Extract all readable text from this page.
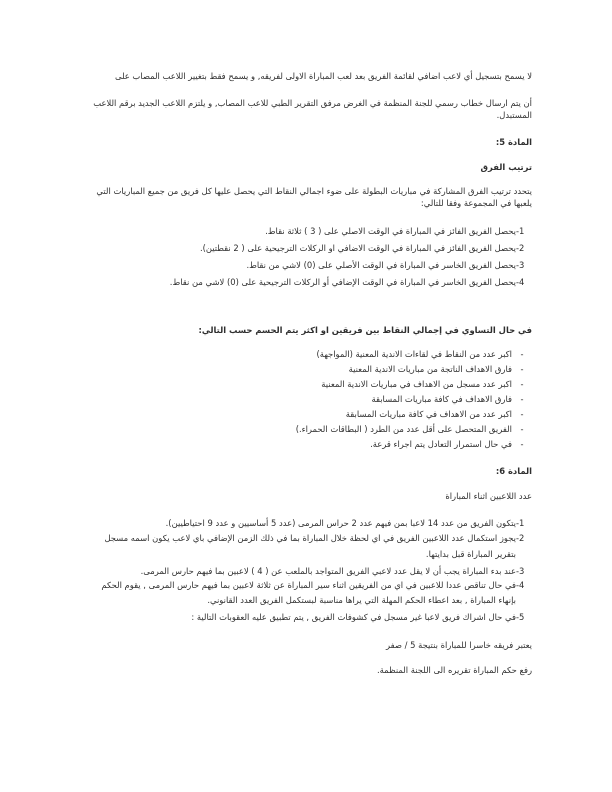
لا يسمح بتسجيل أي لاعب اضافي لقائمة الفريق بعد لعب المباراة الاولى لفريقه, و يسمح فقط بتغيير اللاعب المصاب على
أن يتم ارسال خطاب رسمي للجنة المنظمة في الغرض مرفق التقرير الطبي للاعب المصاب, و يلتزم اللاعب الجديد برقم اللاعب
المستبدل.
المادة 5:
ترتيب الفرق
يتحدد ترتيب الفرق المشاركة في مباريات البطولة على ضوء اجمالي النقاط التي يحصل عليها كل فريق من جميع المباريات التي
يلعبها في المجموعة وفقا للتالي:
-1يحصل الفريق الفائز في المباراة في الوقت الاصلي على ( 3 ) ثلاثة نقاط.
-2يحصل الفريق الفائز في المباراة في الوقت الاضافي او الركلات الترجيحية على ( 2 نقطتين).
-3يحصل الفريق الخاسر في المباراة في الوقت الأصلي على (0) لاشي من نقاط.
-4يحصل الفريق الخاسر في المباراة في الوقت الإضافي أو الركلات الترجيحية على (0) لاشي من نقاط.
في حال التساوي في إجمالي النقاط بين فريقين او اكثر يتم الحسم حسب التالي:
-اكبر عدد من النقاط في لقاءات الاندية المعنية (المواجهة)
-فارق الاهداف الناتجة من مباريات الاندية المعنية
-اكبر عدد مسجل من الاهداف في مباريات الاندية المعنية
-فارق الاهداف في كافة مباريات المسابقة
-اكبر عدد من الاهداف في كافة مباريات المسابقة
-الفريق المتحصل على أقل عدد من الطرد ( البطاقات الحمراء.)
-في حال استمرار التعادل يتم اجراء قرعة.
المادة 6:
عدد اللاعبين اثناء المباراة
-1يتكون الفريق من عدد 14 لاعبا بمن فيهم عدد 2 حراس المرمى (عدد 5 أساسيين و عدد 9 احتياطيين).
-2يجوز استكمال عدد اللاعبين الفريق في اي لحظة خلال المباراة بما في ذلك الزمن الإضافي باي لاعب يكون اسمه مسجل
بتقرير المباراة قبل بدايتها.
-3عند بدء المباراة يجب أن لا يقل عدد لاعبي الفريق المتواجد بالملعب عن ( 4 ) لاعبين بما فيهم حارس المرمى.
-4في حال تناقص عددا للاعبين في اي من الفريقين اثناء سير المباراة عن ثلاثة لاعبين بما فيهم حارس المرمى , يقوم الحكم
بإنهاء المباراة , بعد اعطاء الحكم المهلة التي يراها مناسبة لبستكمل الفريق العدد القانوني.
-5في حال اشراك فريق لاعبا غير مسجل في كشوفات الفريق , يتم تطبيق عليه العقوبات التالية :
يعتبر فريقه خاسرا للمباراة بنتيجة 5 / صفر
رفع حكم المباراة تقريره الى اللجنة المنظمة.
